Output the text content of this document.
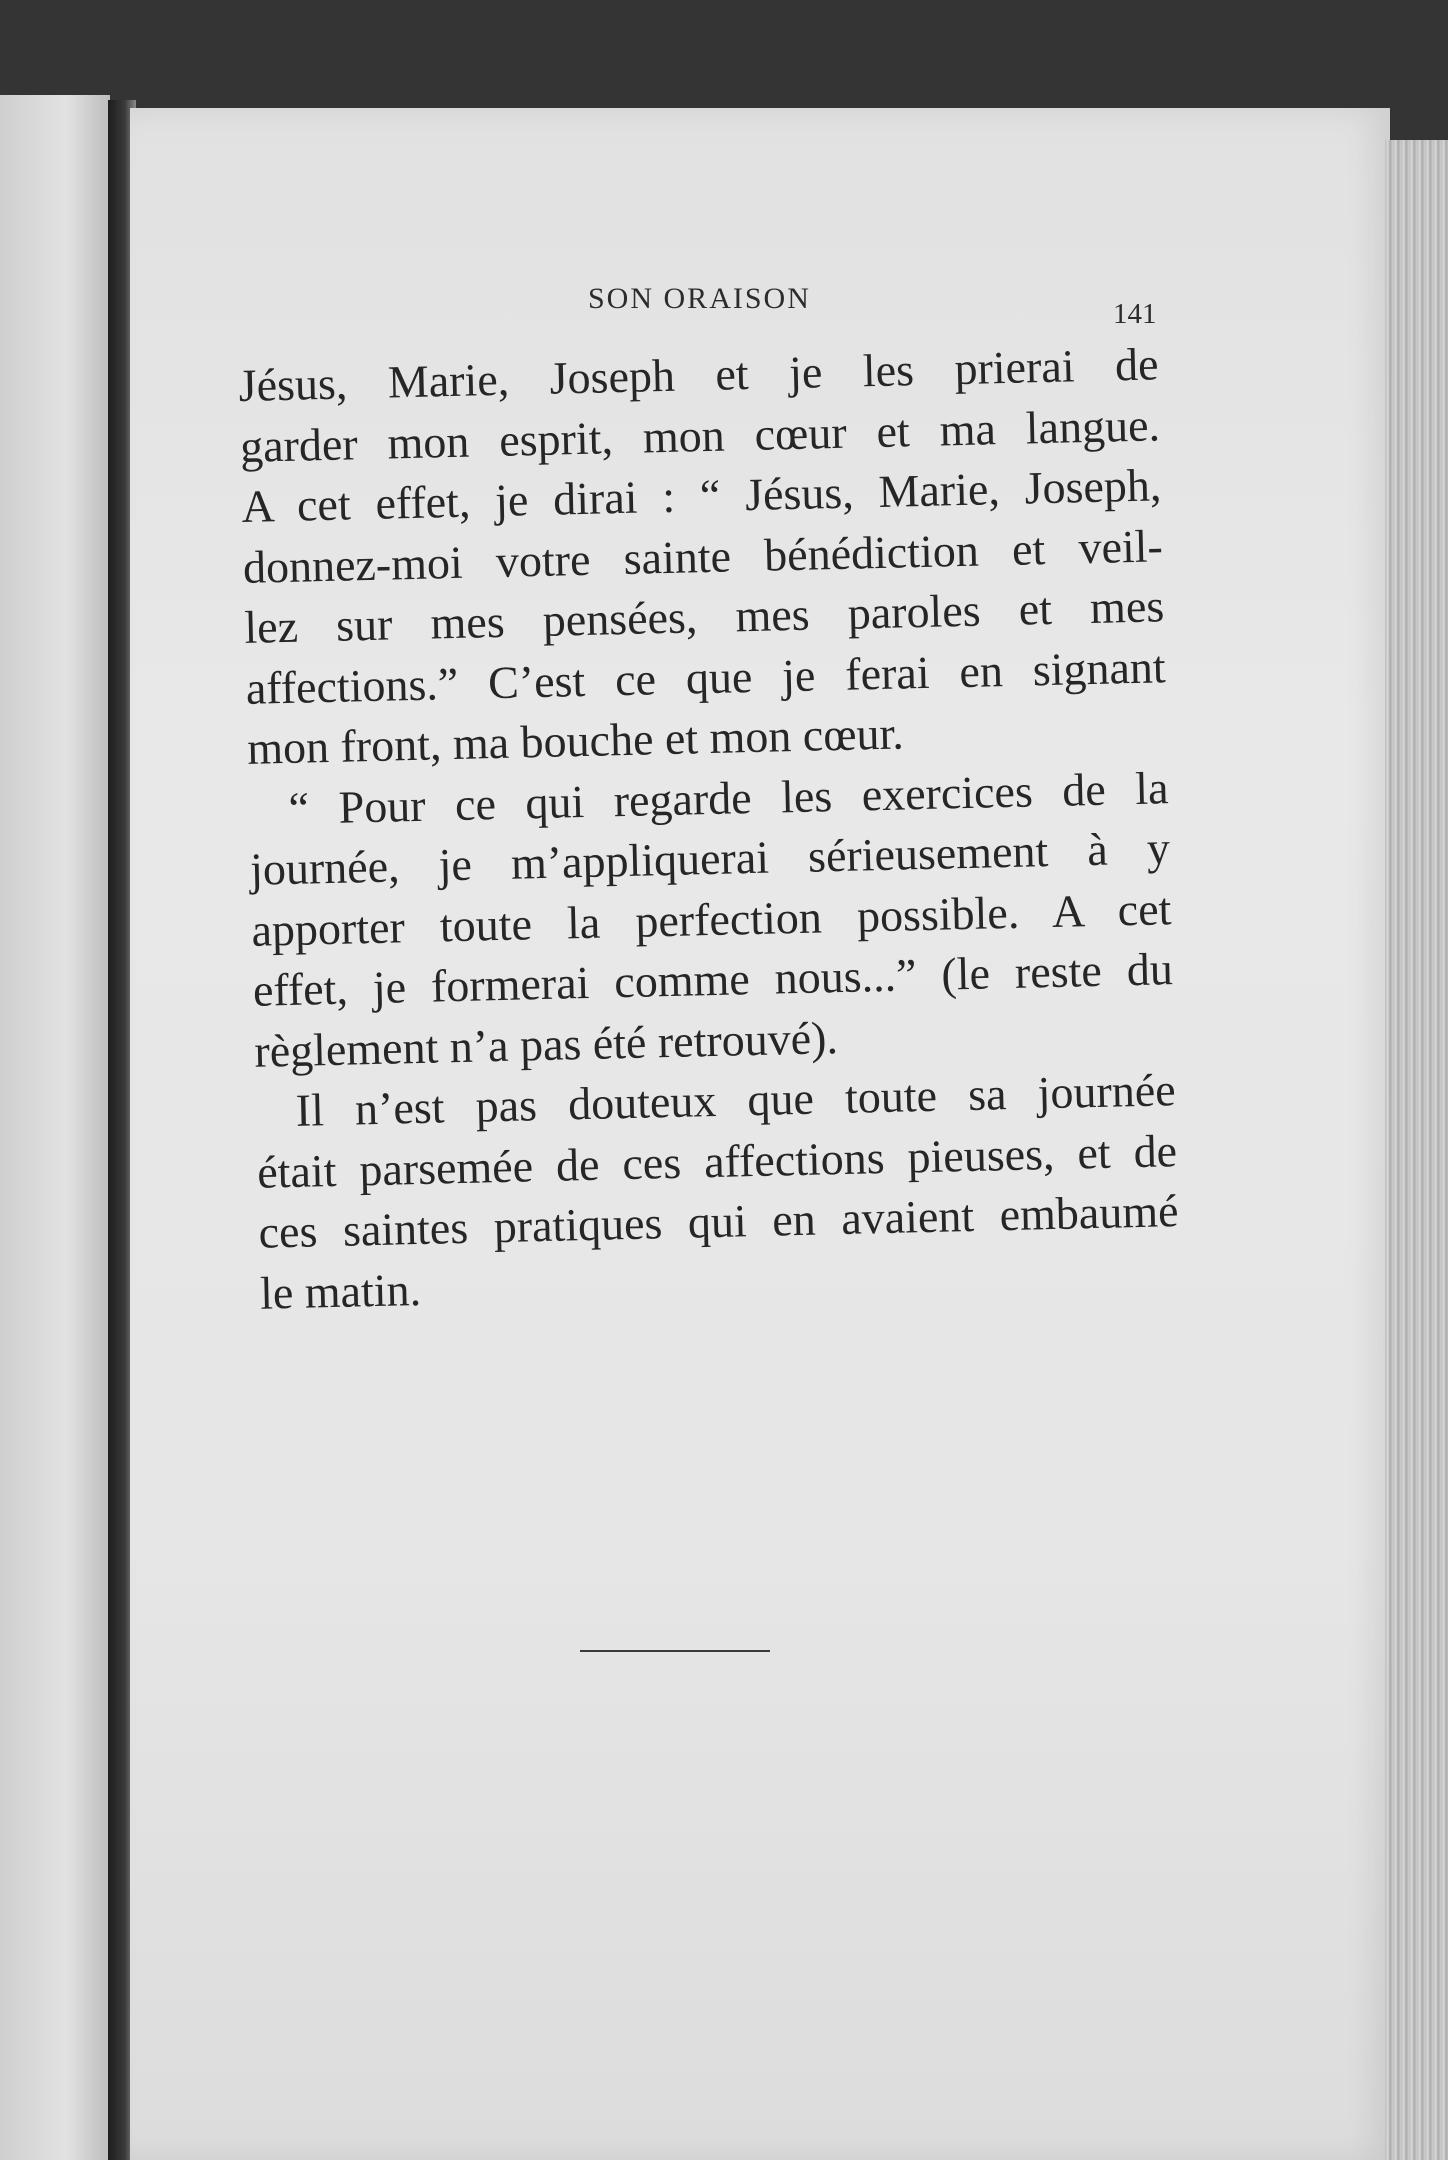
SON ORAISON	141

Jésus, Marie, Joseph et je les prierai de
garder mon esprit, mon cœur et ma langue.
A cet effet, je dirai : “ Jésus, Marie, Joseph,
donnez-moi votre sainte bénédiction et veil-
lez sur mes pensées, mes paroles et mes
affections.” C’est ce que je ferai en signant
mon front, ma bouche et mon cœur.

“ Pour ce qui regarde les exercices de la
journée, je m’appliquerai sérieusement à y
apporter toute la perfection possible. A cet
effet, je formerai comme nous...” (le reste du
règlement n’a pas été retrouvé).

Il n’est pas douteux que toute sa journée
était parsemée de ces affections pieuses, et de
ces saintes pratiques qui en avaient embaumé
le matin.
